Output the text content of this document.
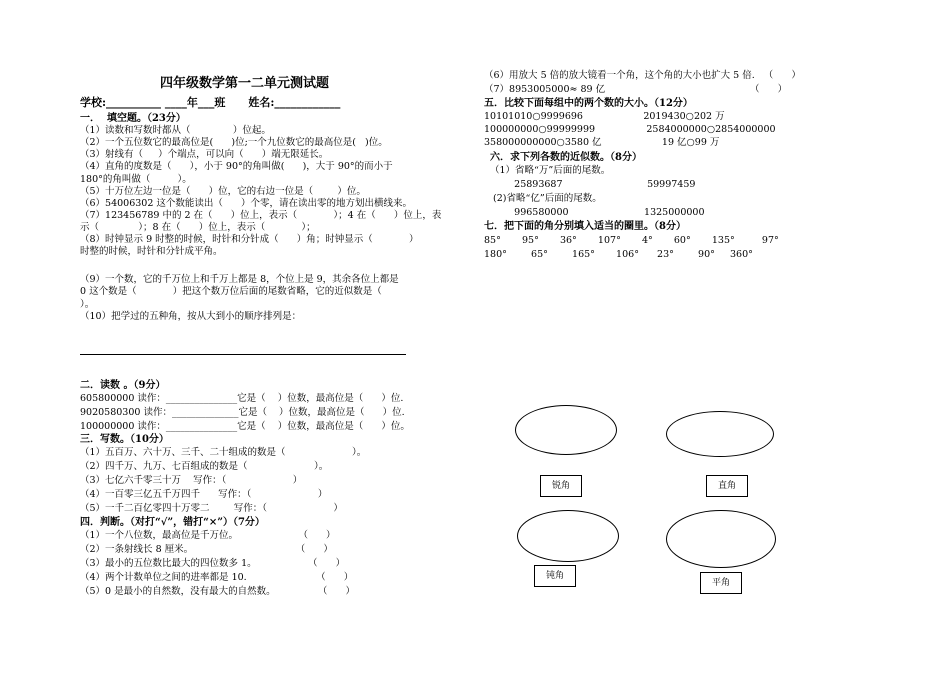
四年级数学第一二单元测试题
学校:__________ ____年___班      姓名:____________
一．  填空题。（23分）
（1）读数和写数时都从（              ）位起。
（2）一个五位数它的最高位是(      )位;一个九位数它的最高位是(   )位。
（3）射线有（     ）个端点，可以向（      ）端无限延长。
（4）直角的度数是（      ），小于 90°的角叫做(      )，大于 90°的而小于
180°的角叫做（         ）。
（5）十万位左边一位是（      ）位，它的右边一位是（        ）位。
（6）54006302 这个数能读出（      ）个零，请在读出零的地方划出横线来。
（7）123456789 中的 2 在（      ）位上，表示（            ）；4 在（      ）位上，表
示（             ）；8 在（      ）位上，表示（            ）；
（8）时钟显示 9 时整的时候，时针和分针成（      ）角；时钟显示（            ）
时整的时候，时针和分针成平角。
（9）一个数，它的千万位上和千万上都是 8，个位上是 9，其余各位上都是
0 这个数是（            ）把这个数万位后面的尾数省略，它的近似数是（
）。
（10）把学过的五种角，按从大到小的顺序排列是：
二．读数 。（9分）
605800000 读作：_______________它是（    ）位数，最高位是（      ）位.
9020580300 读作：______________它是（    ）位数，最高位是（      ）位.
100000000 读作：_______________它是（    ）位数，最高位是（      ）位。
三．写数。（10分）
（1）五百万、六十万、三千、二十组成的数是（                      ）。
（2）四千万、九万、七百组成的数是（                      ）。
（3）七亿六千零三十万    写作：（                      ）
（4）一百零三亿五千万四千      写作：（                      ）
（5）一千二百亿零四十万零二        写作：（                      ）
四．判断。（对打“√”，错打“×”）（7分）
（1）一个八位数，最高位是千万位。                    （      ）
（2）一条射线长 8 厘米。                                  （      ）
（3）最小的五位数比最大的四位数多 1。                 （      ）
（4）两个计数单位之间的进率都是 10.                       （      ）
（5）0 是最小的自然数，没有最大的自然数。              （      ）
（6）用放大 5 倍的放大镜看一个角，这个角的大小也扩大 5 倍.   （      ）
（7）8953005000≈ 89 亿                                                （      ）
五．比较下面每组中的两个数的大小。（12分）
10101010○9999696                    2019430○202 万
100000000○99999999                 2584000000○2854000000
358000000000○3580 亿                    19 亿○99 万
六．求下列各数的近似数。（8分）
（1）省略“万”后面的尾数。
25893687                            59997459
(2)省略“亿”后面的尾数。
996580000                         1325000000
七．把下面的角分别填入适当的圈里。（8分）
85°       95°       36°       107°       4°       60°       135°         97°
180°        65°        165°       106°      23°        90°     360°
锐角	直角
钝角
平角
